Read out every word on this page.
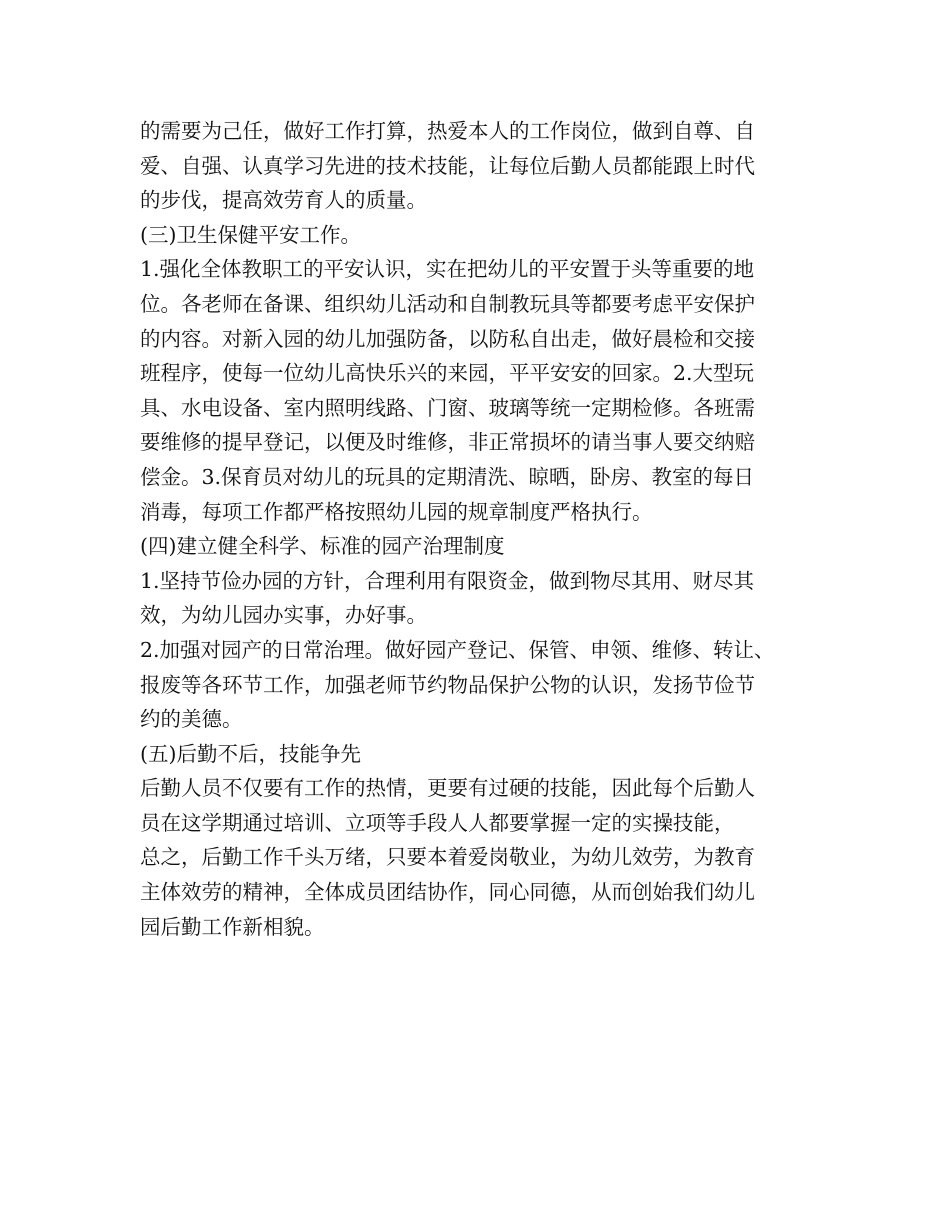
的需要为己任，做好工作打算，热爱本人的工作岗位，做到自尊、自
爱、自强、认真学习先进的技术技能，让每位后勤人员都能跟上时代
的步伐，提高效劳育人的质量。
(三)卫生保健平安工作。
1.强化全体教职工的平安认识，实在把幼儿的平安置于头等重要的地
位。各老师在备课、组织幼儿活动和自制教玩具等都要考虑平安保护
的内容。对新入园的幼儿加强防备，以防私自出走，做好晨检和交接
班程序，使每一位幼儿高快乐兴的来园，平平安安的回家。2.大型玩
具、水电设备、室内照明线路、门窗、玻璃等统一定期检修。各班需
要维修的提早登记，以便及时维修，非正常损坏的请当事人要交纳赔
偿金。3.保育员对幼儿的玩具的定期清洗、晾晒，卧房、教室的每日
消毒，每项工作都严格按照幼儿园的规章制度严格执行。
(四)建立健全科学、标准的园产治理制度
1.坚持节俭办园的方针，合理利用有限资金，做到物尽其用、财尽其
效，为幼儿园办实事，办好事。
2.加强对园产的日常治理。做好园产登记、保管、申领、维修、转让、
报废等各环节工作，加强老师节约物品保护公物的认识，发扬节俭节
约的美德。
(五)后勤不后，技能争先
后勤人员不仅要有工作的热情，更要有过硬的技能，因此每个后勤人
员在这学期通过培训、立项等手段人人都要掌握一定的实操技能，
总之，后勤工作千头万绪，只要本着爱岗敬业，为幼儿效劳，为教育
主体效劳的精神，全体成员团结协作，同心同德，从而创始我们幼儿
园后勤工作新相貌。
